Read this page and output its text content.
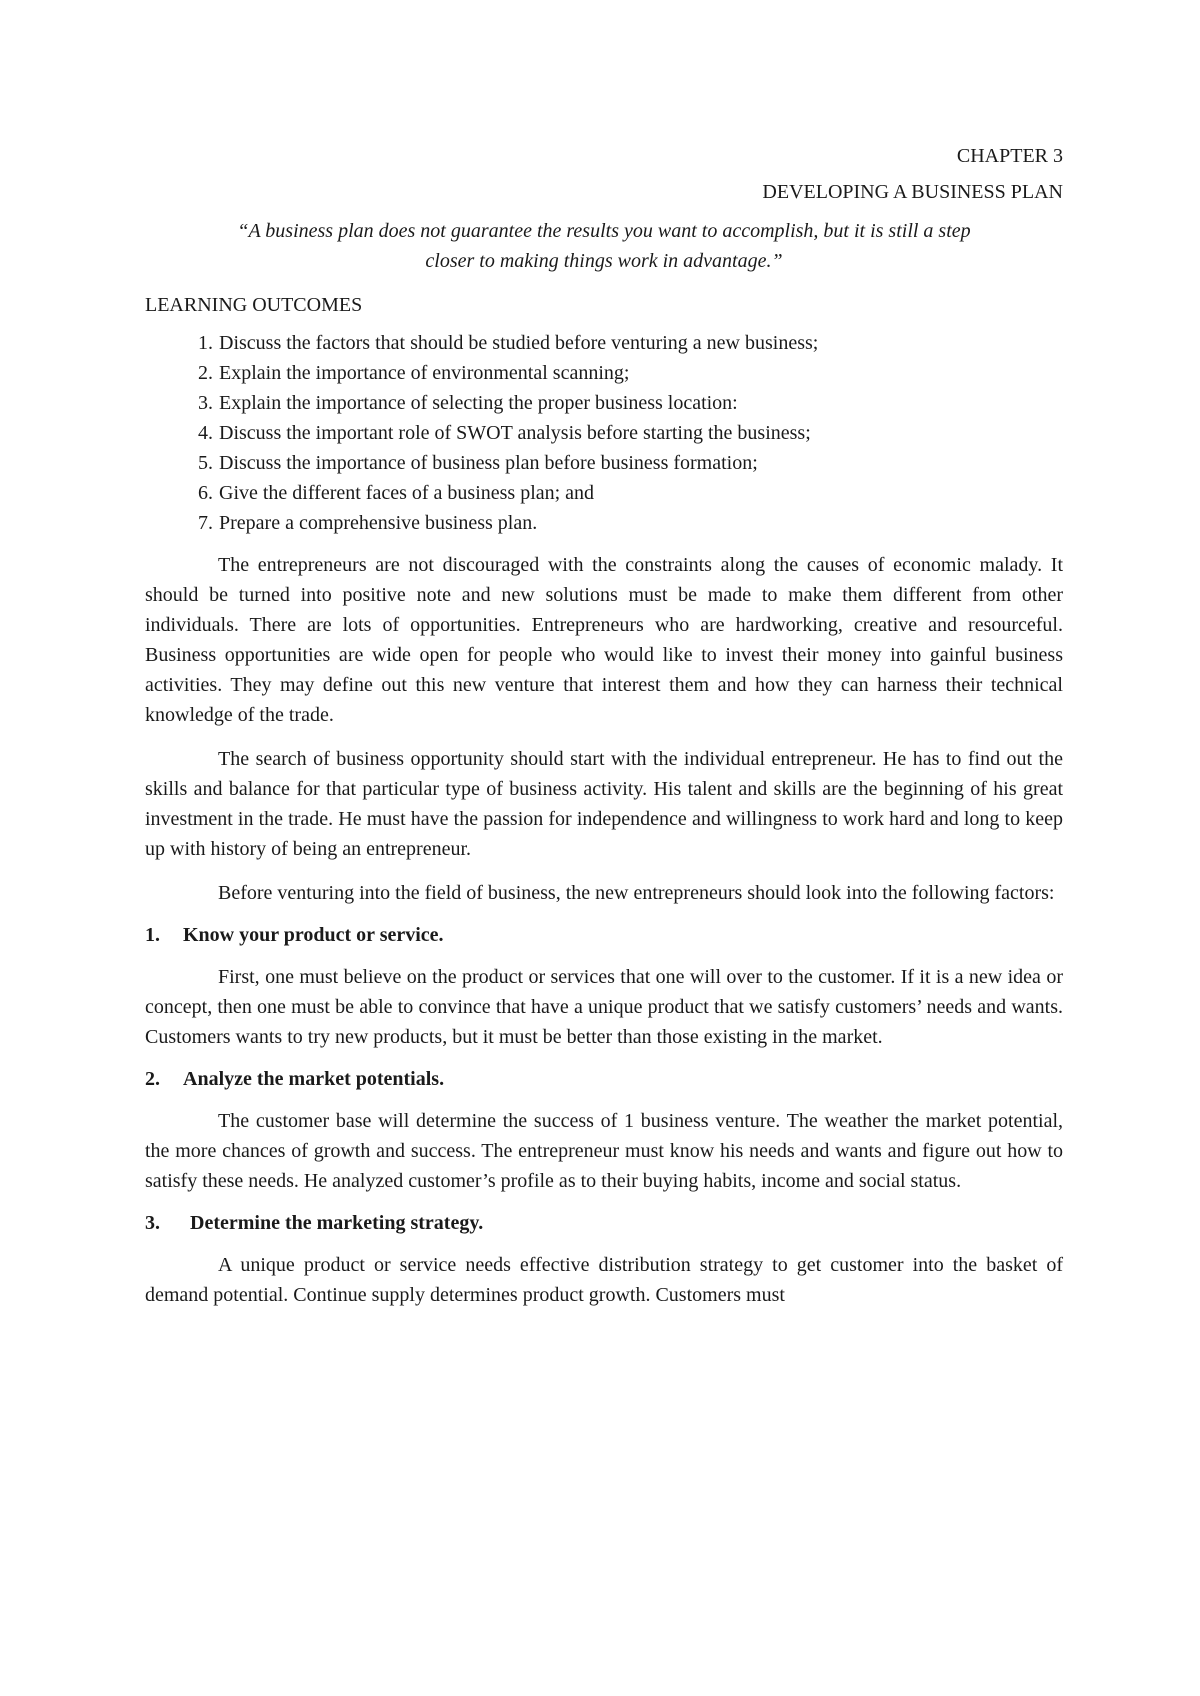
CHAPTER 3

DEVELOPING A BUSINESS PLAN

“A business plan does not guarantee the results you want to accomplish, but it is still a step
closer to making things work in advantage.”

LEARNING OUTCOMES

1. Discuss the factors that should be studied before venturing a new business;
2. Explain the importance of environmental scanning;
3. Explain the importance of selecting the proper business location:
4. Discuss the important role of SWOT analysis before starting the business;
5. Discuss the importance of business plan before business formation;
6. Give the different faces of a business plan; and
7. Prepare a comprehensive business plan.

The entrepreneurs are not discouraged with the constraints along the causes of economic malady. It should be turned into positive note and new solutions must be made to make them different from other individuals. There are lots of opportunities. Entrepreneurs who are hardworking, creative and resourceful. Business opportunities are wide open for people who would like to invest their money into gainful business activities. They may define out this new venture that interest them and how they can harness their technical knowledge of the trade.

The search of business opportunity should start with the individual entrepreneur. He has to find out the skills and balance for that particular type of business activity. His talent and skills are the beginning of his great investment in the trade. He must have the passion for independence and willingness to work hard and long to keep up with history of being an entrepreneur.

Before venturing into the field of business, the new entrepreneurs should look into the following factors:

1.	Know your product or service.

First, one must believe on the product or services that one will over to the customer. If it is a new idea or concept, then one must be able to convince that have a unique product that we satisfy customers’ needs and wants. Customers wants to try new products, but it must be better than those existing in the market.

2.	Analyze the market potentials.

The customer base will determine the success of 1 business venture. The weather the market potential, the more chances of growth and success. The entrepreneur must know his needs and wants and figure out how to satisfy these needs. He analyzed customer’s profile as to their buying habits, income and social status.

3.	Determine the marketing strategy.

A unique product or service needs effective distribution strategy to get customer into the basket of demand potential. Continue supply determines product growth. Customers must
